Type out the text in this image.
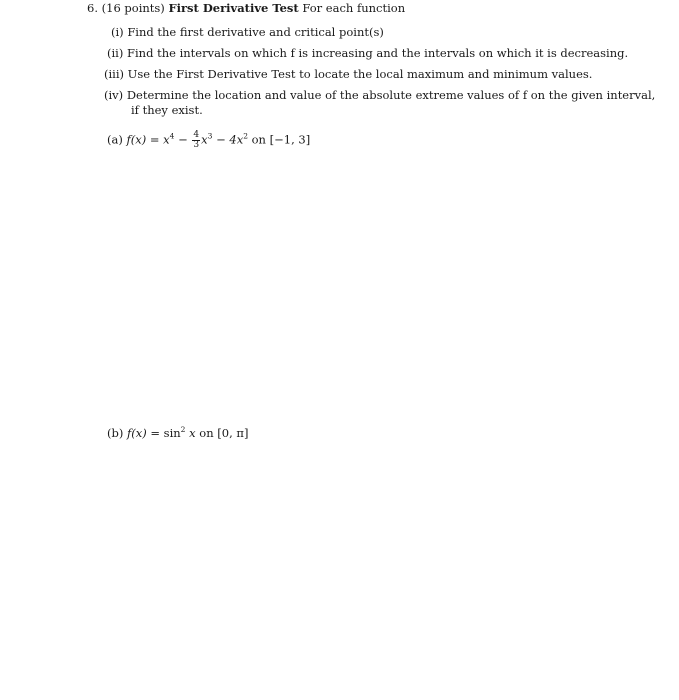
6. (16 points) First Derivative Test For each function
(i) Find the first derivative and critical point(s)
(ii) Find the intervals on which f is increasing and the intervals on which it is decreasing.
(iii) Use the First Derivative Test to locate the local maximum and minimum values.
(iv) Determine the location and value of the absolute extreme values of f on the given interval,
if they exist.
(a) $f(x) = x^4 - \frac{4}{3} x^3 - 4x^2$ on [−1, 3]
(b) $f(x) = \sin^2 x$ on [0, π]
